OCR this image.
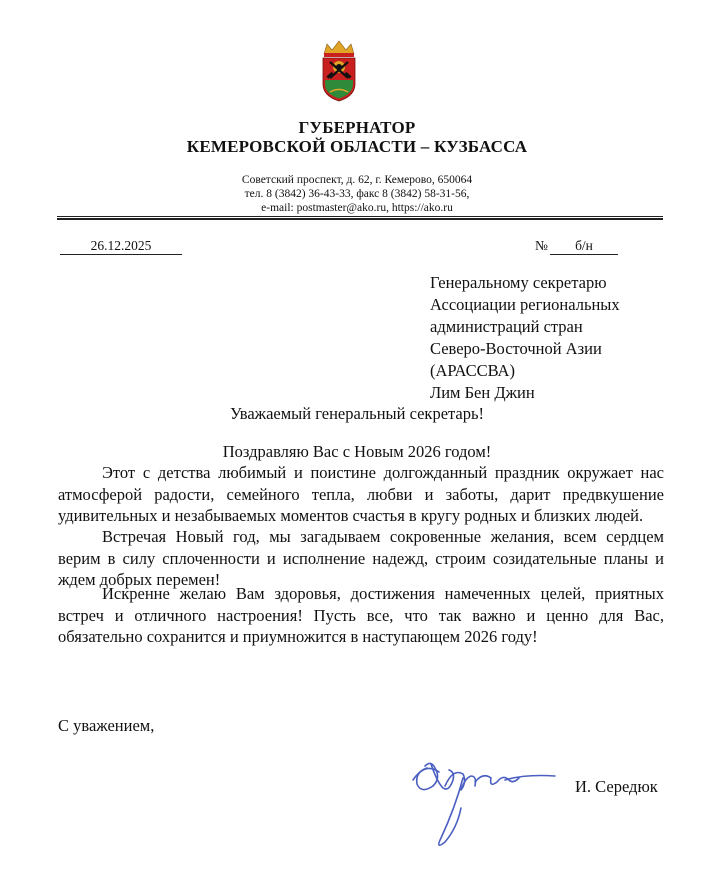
ГУБЕРНАТОР
КЕМЕРОВСКОЙ ОБЛАСТИ – КУЗБАССА
Советский проспект, д. 62, г. Кемерово, 650064
тел. 8 (3842) 36-43-33, факс 8 (3842) 58-31-56,
e-mail: postmaster@ako.ru, https://ako.ru
26.12.2025	№	б/н
Генеральному секретарю
Ассоциации региональных
администраций стран
Северо-Восточной Азии
(АРАССВА)
Лим Бен Джин
Уважаемый генеральный секретарь!
Поздравляю Вас с Новым 2026 годом!
Этот с детства любимый и поистине долгожданный праздник окружает нас атмосферой радости, семейного тепла, любви и заботы, дарит предвкушение удивительных и незабываемых моментов счастья в кругу родных и близких людей.
Встречая Новый год, мы загадываем сокровенные желания, всем сердцем верим в силу сплоченности и исполнение надежд, строим созидательные планы и ждем добрых перемен!
Искренне желаю Вам здоровья, достижения намеченных целей, приятных встреч и отличного настроения! Пусть все, что так важно и ценно для Вас, обязательно сохранится и приумножится в наступающем 2026 году!
С уважением,
И. Середюк
